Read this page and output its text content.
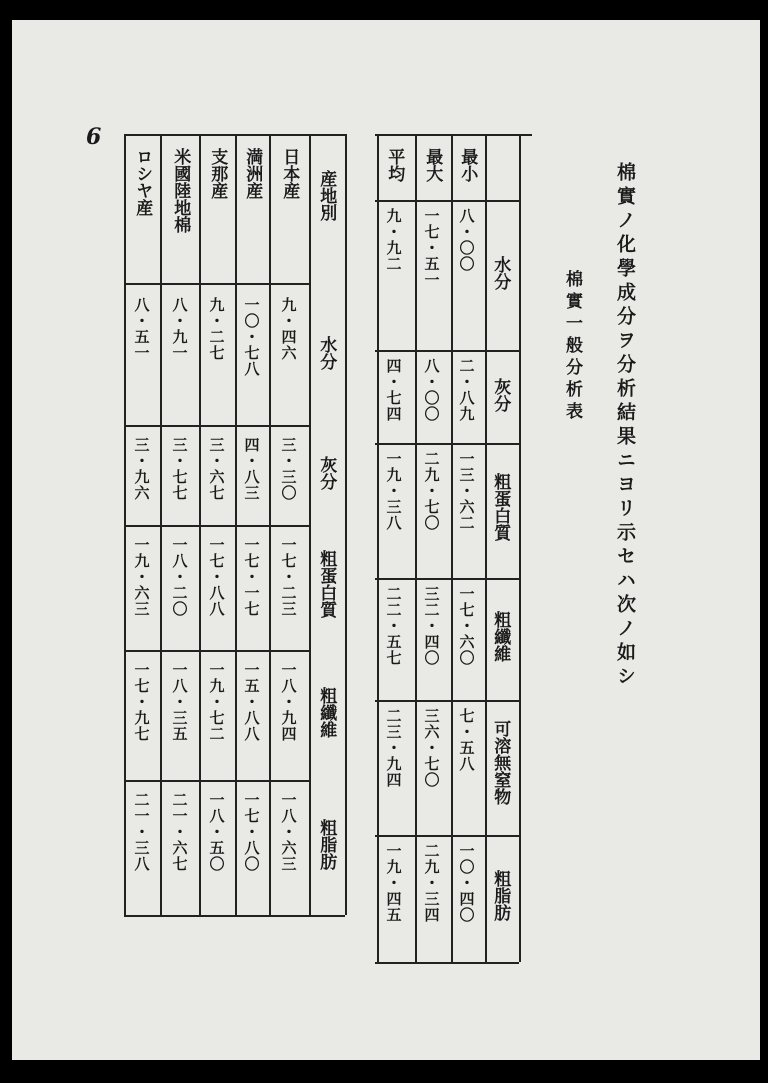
6
棉實ノ化學成分ヲ分析結果ニヨリ示セハ次ノ如シ
棉實一般分析表
最小
最大
平均
水分
灰分
粗蛋白質
粗纖維
可溶無窒物
粗脂肪
八・〇〇
二・八九
一三・六二
一七・六〇
七・五八
一〇・四〇
一七・五一
八・〇〇
二九・七〇
三二・四〇
三六・七〇
二九・三四
九・九二
四・七四
一九・三八
二二・五七
二三・九四
一九・四五
産地別
日本産
満洲産
支那産
米國陸地棉
ロシヤ産
水分
灰分
粗蛋白質
粗纖維
粗脂肪
九・四六
三・三〇
一七・二三
一八・九四
一八・六三
一〇・七八
四・八三
一七・一七
一五・八八
一七・八〇
九・二七
三・六七
一七・八八
一九・七二
一八・五〇
八・九一
三・七七
一八・二〇
一八・三五
二一・六七
八・五一
三・九六
一九・六三
一七・九七
二一・三八
